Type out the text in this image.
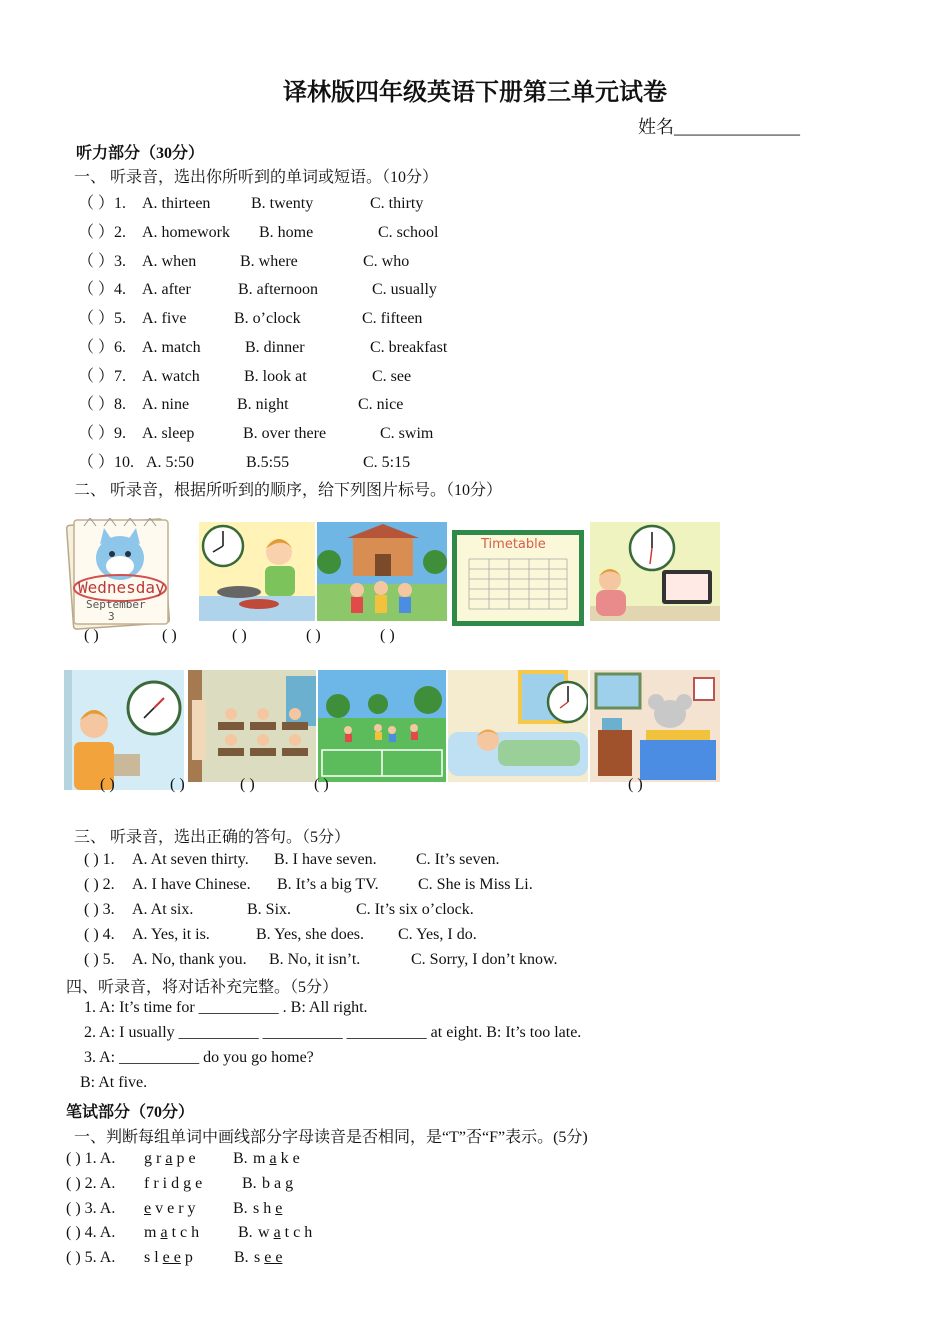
译林版四年级英语下册第三单元试卷
姓名______________
听力部分（30分）
一、 听录音，选出你所听到的单词或短语。（10分）
（ ）1. A. thirteen	B. twenty	C. thirty
（ ）2. A. homework B. home	C. school
（ ）3. A. when	B. where	C. who
（ ）4. A. after	B. afternoon	C. usually
（ ）5. A. five	B. o’clock	C. fifteen
（ ）6. A. match	B. dinner	C. breakfast
（ ）7. A. watch	B. look at	C. see
（ ）8. A. nine	B. night	C. nice
（ ）9. A. sleep	B. over there	C. swim
（ ）10. A. 5:50	B.5:55	C. 5:15
二、 听录音，根据所听到的顺序，给下列图片标号。（10分）
Wednesday
September
3
Timetable
( )	( )	( )	( )	( )
( )	( )	( )	( )	( )
三、 听录音，选出正确的答句。（5分）
( ) 1. A. At seven thirty. B. I have seven. C. It’s seven.
( ) 2. A. I have Chinese. B. It’s a big TV. C. She is Miss Li.
( ) 3. A. At six.	B. Six.	C. It’s six o’clock.
( ) 4. A. Yes, it is.	B. Yes, she does. C. Yes, I do.
( ) 5. A. No, thank you. B. No, it isn’t.	C. Sorry, I don’t know.
四、听录音，将对话补充完整。（5分）
1. A: It’s time for __________ . B: All right.
2. A: I usually __________ __________ __________ at eight. B: It’s too late.
3. A: __________ do you go home?
B: At five.
笔试部分（70分）
一、判断每组单词中画线部分字母读音是否相同，是“T”否“F”表示。(5分)
( ) 1. A. g r a p e B. m a k e
( ) 2. A. f r i d g e B. b a g
( ) 3. A. e v e r y B. s h e
( ) 4. A. m a t c h B. w a t c h
( ) 5. A. s l e e p	B. s e e
